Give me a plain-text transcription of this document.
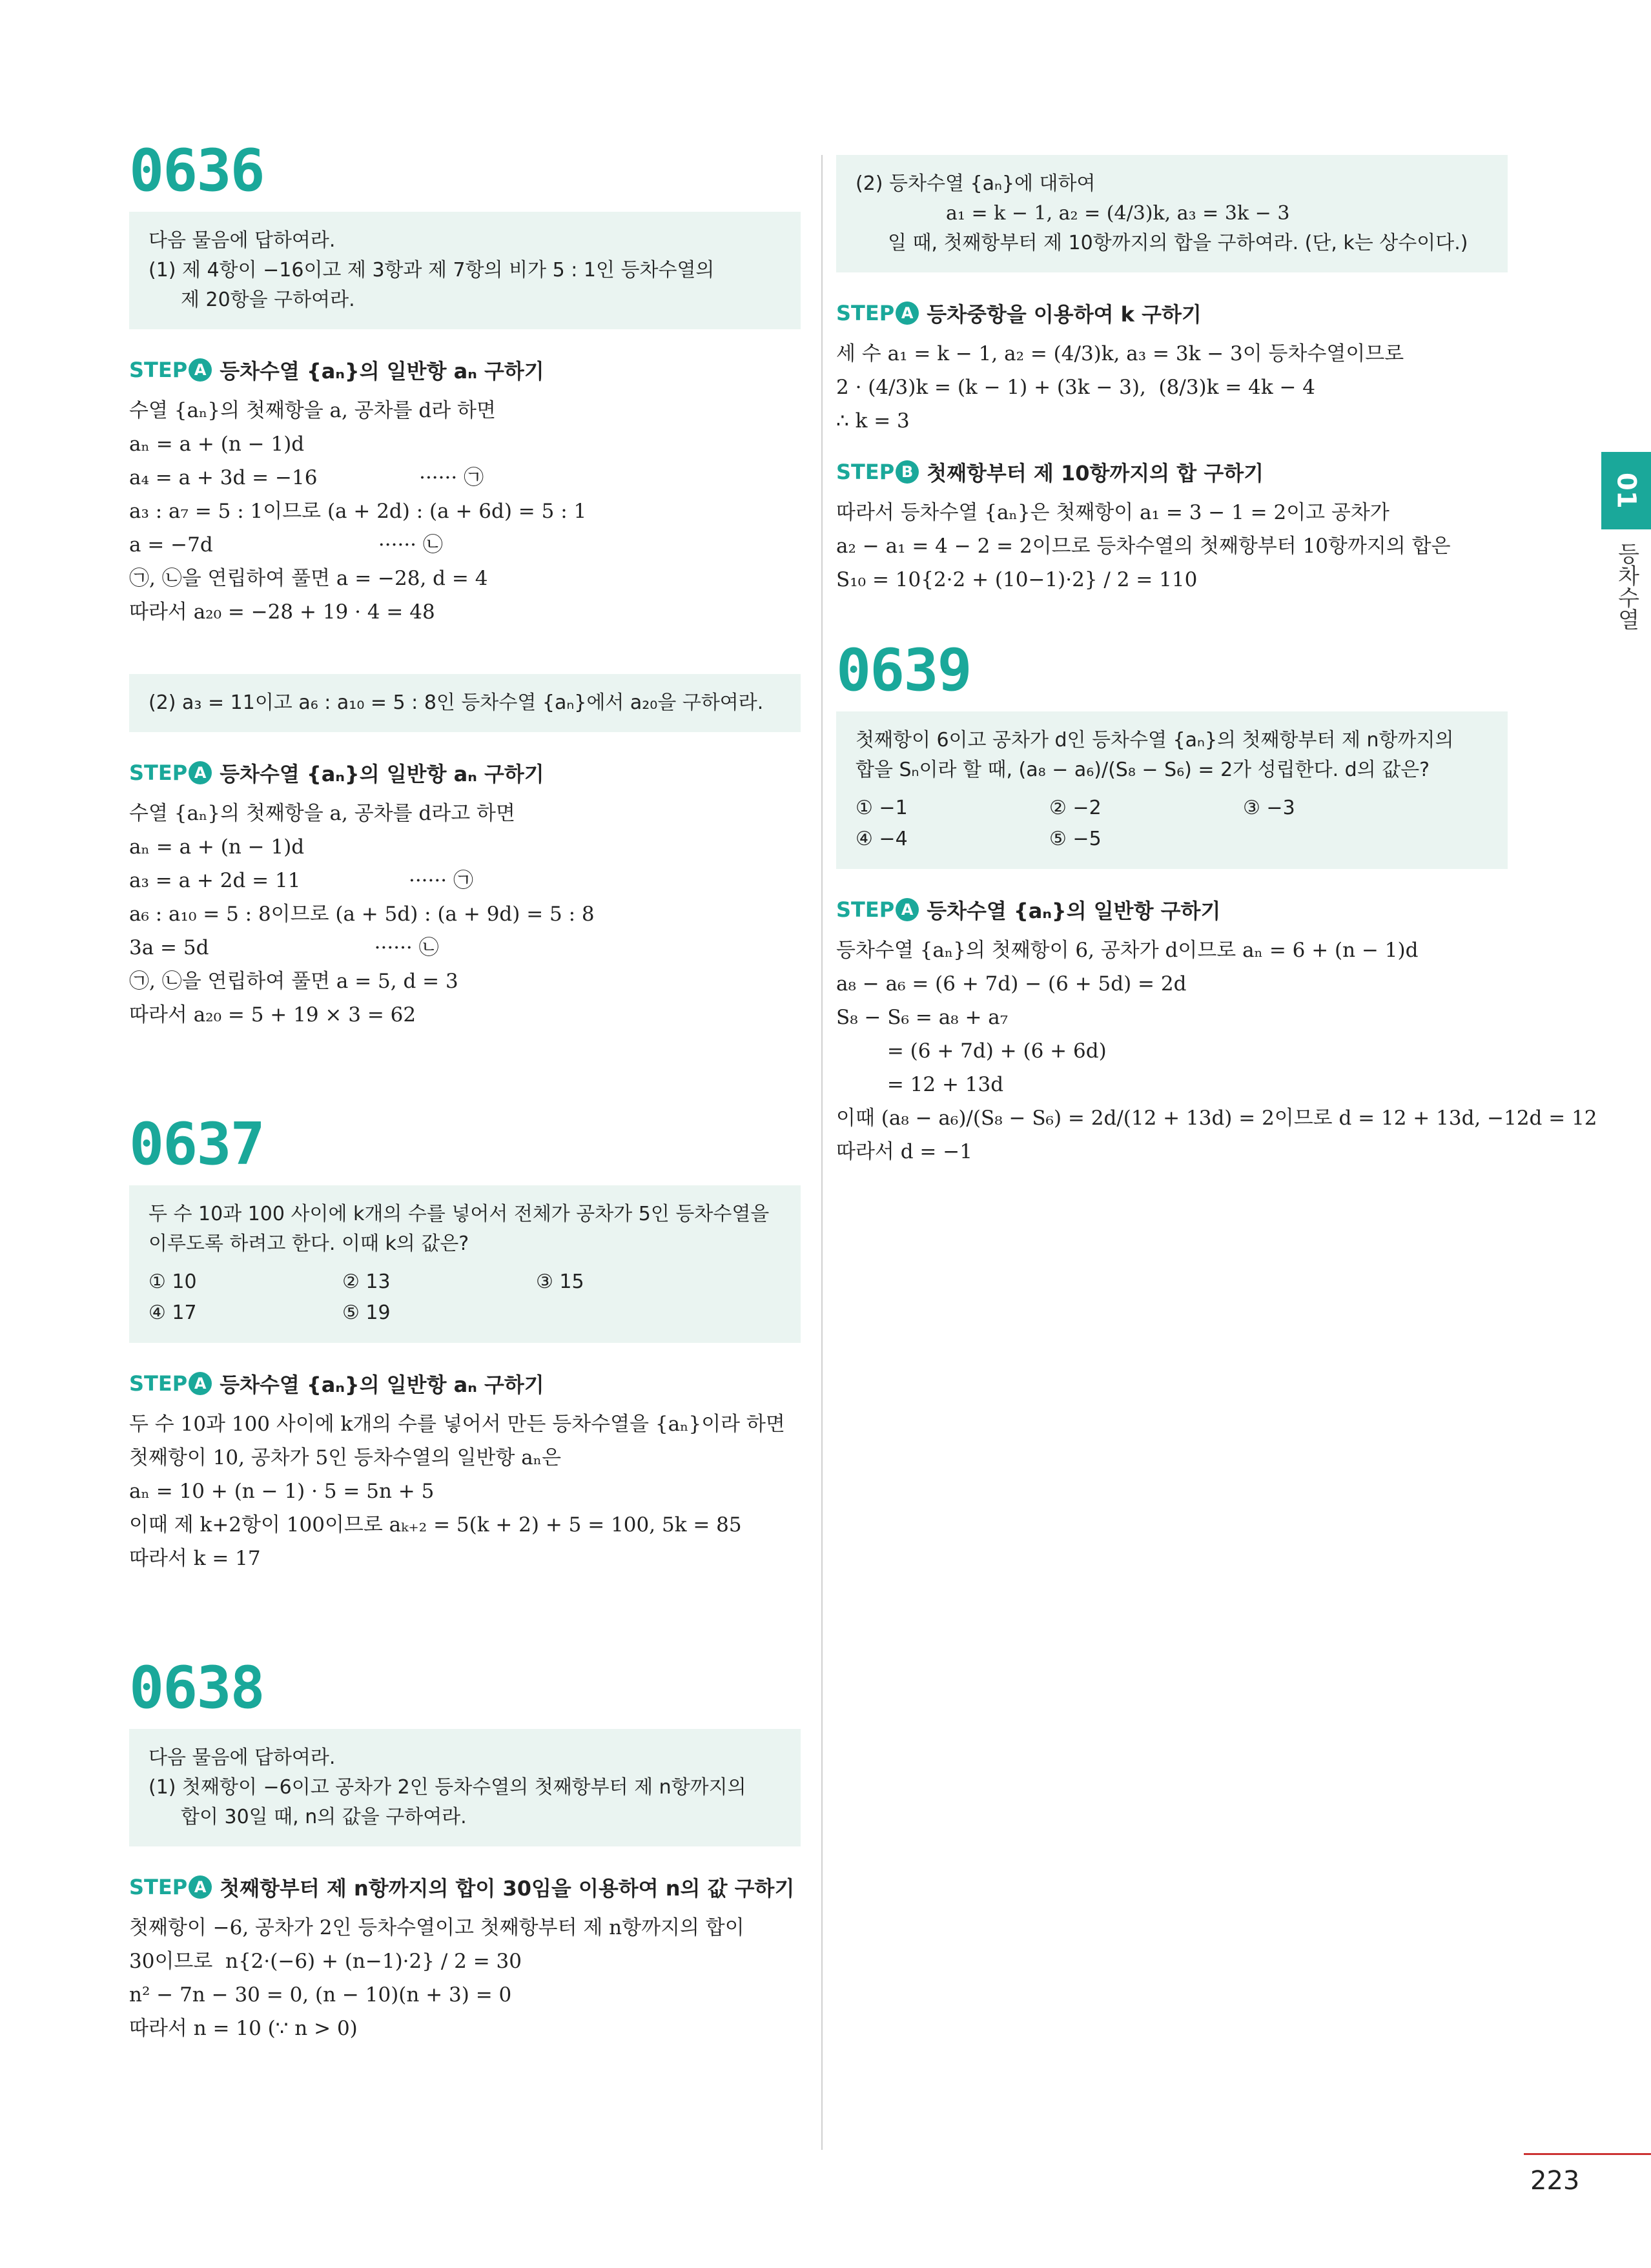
0636

다음 물음에 답하여라.

(1) 제 4항이 −16이고 제 3항과 제 7항의 비가 5 : 1인 등차수열의

제 20항을 구하여라.

STEP A 등차수열 {aₙ}의 일반항 aₙ 구하기

수열 {aₙ}의 첫째항을 a, 공차를 d라 하면

aₙ = a + (n − 1)d

a₄ = a + 3d = −16                ······ ㉠

a₃ : a₇ = 5 : 1이므로 (a + 2d) : (a + 6d) = 5 : 1

a = −7d                          ······ ㉡

㉠, ㉡을 연립하여 풀면 a = −28, d = 4

따라서 a₂₀ = −28 + 19 · 4 = 48

(2) a₃ = 11이고 a₆ : a₁₀ = 5 : 8인 등차수열 {aₙ}에서 a₂₀을 구하여라.

STEP A 등차수열 {aₙ}의 일반항 aₙ 구하기

수열 {aₙ}의 첫째항을 a, 공차를 d라고 하면

aₙ = a + (n − 1)d

a₃ = a + 2d = 11                 ······ ㉠

a₆ : a₁₀ = 5 : 8이므로 (a + 5d) : (a + 9d) = 5 : 8

3a = 5d                          ······ ㉡

㉠, ㉡을 연립하여 풀면 a = 5, d = 3

따라서 a₂₀ = 5 + 19 × 3 = 62

0637

두 수 10과 100 사이에 k개의 수를 넣어서 전체가 공차가 5인 등차수열을

이루도록 하려고 한다. 이때 k의 값은?

① 10	② 13	③ 15
④ 17	⑤ 19
STEP A 등차수열 {aₙ}의 일반항 aₙ 구하기

두 수 10과 100 사이에 k개의 수를 넣어서 만든 등차수열을 {aₙ}이라 하면

첫째항이 10, 공차가 5인 등차수열의 일반항 aₙ은

aₙ = 10 + (n − 1) · 5 = 5n + 5

이때 제 k+2항이 100이므로 aₖ₊₂ = 5(k + 2) + 5 = 100, 5k = 85

따라서 k = 17

0638

다음 물음에 답하여라.

(1) 첫째항이 −6이고 공차가 2인 등차수열의 첫째항부터 제 n항까지의

합이 30일 때, n의 값을 구하여라.

STEP A 첫째항부터 제 n항까지의 합이 30임을 이용하여 n의 값 구하기

첫째항이 −6, 공차가 2인 등차수열이고 첫째항부터 제 n항까지의 합이

30이므로  n{2·(−6) + (n−1)·2} / 2 = 30

n² − 7n − 30 = 0, (n − 10)(n + 3) = 0

따라서 n = 10 (∵ n > 0)

(2) 등차수열 {aₙ}에 대하여

a₁ = k − 1, a₂ = (4/3)k, a₃ = 3k − 3

일 때, 첫째항부터 제 10항까지의 합을 구하여라. (단, k는 상수이다.)

STEP A 등차중항을 이용하여 k 구하기

세 수 a₁ = k − 1, a₂ = (4/3)k, a₃ = 3k − 3이 등차수열이므로

2 · (4/3)k = (k − 1) + (3k − 3),  (8/3)k = 4k − 4

∴ k = 3

STEP B 첫째항부터 제 10항까지의 합 구하기

따라서 등차수열 {aₙ}은 첫째항이 a₁ = 3 − 1 = 2이고 공차가

a₂ − a₁ = 4 − 2 = 2이므로 등차수열의 첫째항부터 10항까지의 합은

S₁₀ = 10{2·2 + (10−1)·2} / 2 = 110

0639

첫째항이 6이고 공차가 d인 등차수열 {aₙ}의 첫째항부터 제 n항까지의

합을 Sₙ이라 할 때, (a₈ − a₆)/(S₈ − S₆) = 2가 성립한다. d의 값은?

① −1	② −2	③ −3
④ −4	⑤ −5
STEP A 등차수열 {aₙ}의 일반항 구하기

등차수열 {aₙ}의 첫째항이 6, 공차가 d이므로 aₙ = 6 + (n − 1)d

a₈ − a₆ = (6 + 7d) − (6 + 5d) = 2d

S₈ − S₆ = a₈ + a₇

= (6 + 7d) + (6 + 6d)

= 12 + 13d

이때 (a₈ − a₆)/(S₈ − S₆) = 2d/(12 + 13d) = 2이므로 d = 12 + 13d, −12d = 12

따라서 d = −1

01
등차수열
223
